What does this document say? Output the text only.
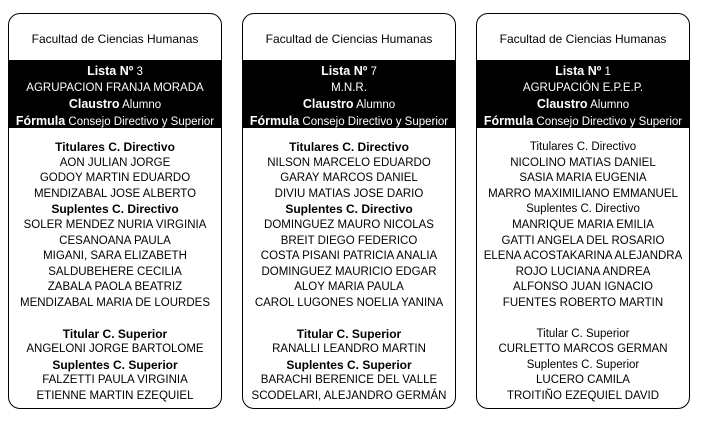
Facultad de Ciencias Humanas
Lista Nº 3
AGRUPACION FRANJA MORADA
Claustro Alumno
Fórmula Consejo Directivo y Superior
Titulares C. Directivo
AON JULIAN JORGE
GODOY MARTIN EDUARDO
MENDIZABAL JOSE ALBERTO
Suplentes C. Directivo
SOLER MENDEZ NURIA VIRGINIA
CESANOANA PAULA
MIGANI, SARA ELIZABETH
SALDUBEHERE CECILIA
ZABALA PAOLA BEATRIZ
MENDIZABAL MARIA DE LOURDES
Titular C. Superior
ANGELONI JORGE BARTOLOME
Suplentes C. Superior
FALZETTI PAULA VIRGINIA
ETIENNE MARTIN EZEQUIEL
Facultad de Ciencias Humanas
Lista Nº 7
M.N.R.
Claustro Alumno
Fórmula Consejo Directivo y Superior
Titulares C. Directivo
NILSON MARCELO EDUARDO
GARAY MARCOS DANIEL
DIVIU MATIAS JOSE DARIO
Suplentes C. Directivo
DOMINGUEZ MAURO NICOLAS
BREIT DIEGO FEDERICO
COSTA PISANI PATRICIA ANALIA
DOMINGUEZ MAURICIO EDGAR
ALOY MARIA PAULA
CAROL LUGONES NOELIA YANINA
Titular C. Superior
RANALLI LEANDRO MARTIN
Suplentes C. Superior
BARACHI BERENICE DEL VALLE
SCODELARI, ALEJANDRO GERMÁN
Facultad de Ciencias Humanas
Lista Nº 1
AGRUPACIÓN E.P.E.P.
Claustro Alumno
Fórmula Consejo Directivo y Superior
Titulares C. Directivo
NICOLINO MATIAS DANIEL
SASIA MARIA EUGENIA
MARRO MAXIMILIANO EMMANUEL
Suplentes C. Directivo
MANRIQUE MARIA EMILIA
GATTI ANGELA DEL ROSARIO
ELENA ACOSTAKARINA ALEJANDRA
ROJO LUCIANA ANDREA
ALFONSO JUAN IGNACIO
FUENTES ROBERTO MARTIN
Titular C. Superior
CURLETTO MARCOS GERMAN
Suplentes C. Superior
LUCERO CAMILA
TROITIÑO EZEQUIEL DAVID
